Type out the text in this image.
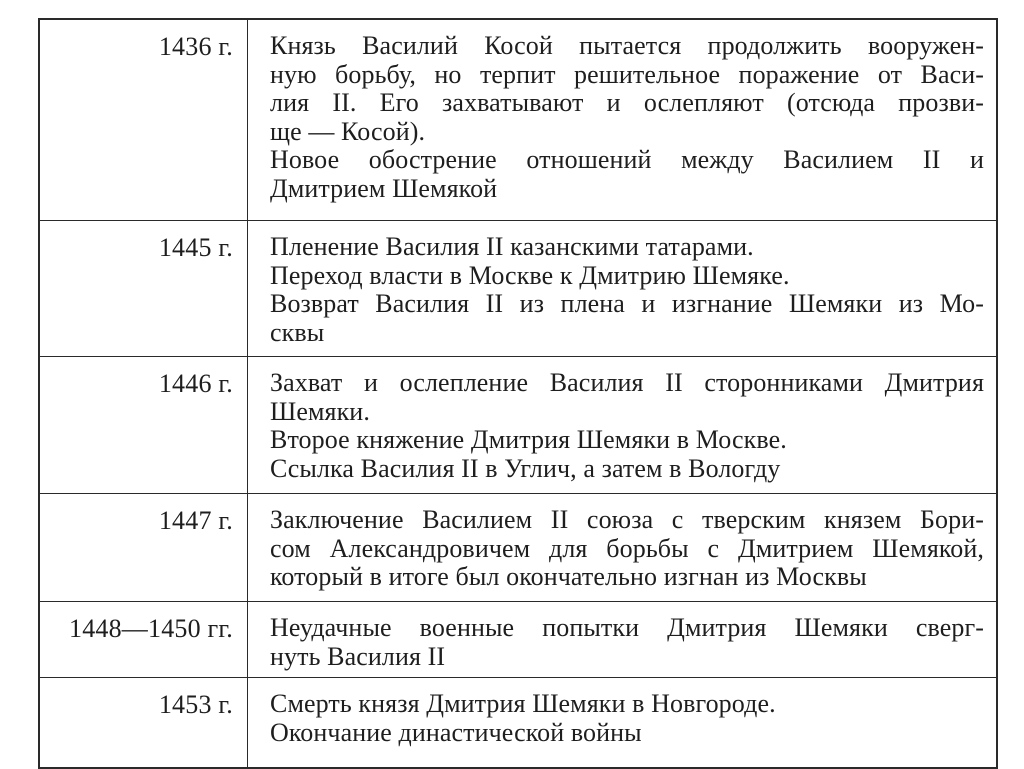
1436 г.	Князь Василий Косой пытается продолжить вооружен-
ную борьбу, но терпит решительное поражение от Васи-
лия II. Его захватывают и ослепляют (отсюда прозви-
ще — Косой).
Новое обострение отношений между Василием II и
Дмитрием Шемякой
1445 г.	Пленение Василия II казанскими татарами.
Переход власти в Москве к Дмитрию Шемяке.
Возврат Василия II из плена и изгнание Шемяки из Мо-
сквы
1446 г.	Захват и ослепление Василия II сторонниками Дмитрия
Шемяки.
Второе княжение Дмитрия Шемяки в Москве.
Ссылка Василия II в Углич, а затем в Вологду
1447 г.	Заключение Василием II союза с тверским князем Бори-
сом Александровичем для борьбы с Дмитрием Шемякой,
который в итоге был окончательно изгнан из Москвы
1448—1450 гг.	Неудачные военные попытки Дмитрия Шемяки сверг-
нуть Василия II
1453 г.	Смерть князя Дмитрия Шемяки в Новгороде.
Окончание династической войны
